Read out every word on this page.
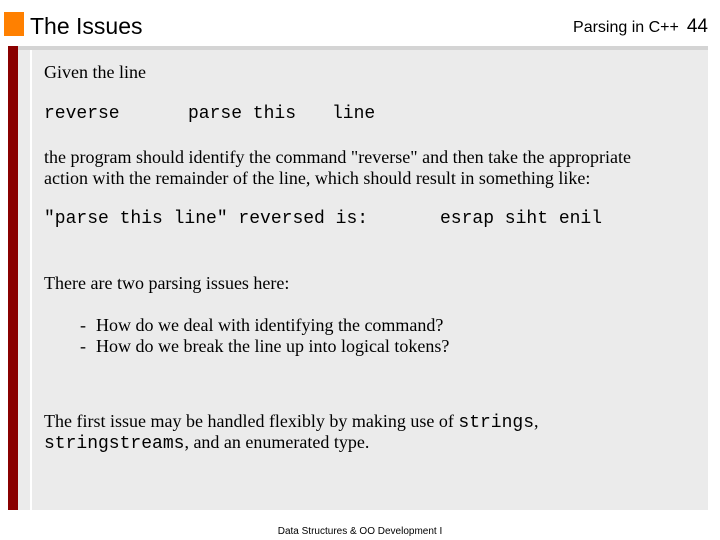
The Issues	Parsing in C++ 44
Given the line
reverse	parse this line
the program should identify the command "reverse" and then take the appropriate
action with the remainder of the line, which should result in something like:
"parse this line" reversed is:	esrap siht enil
There are two parsing issues here:
- How do we deal with identifying the command?
- How do we break the line up into logical tokens?
The first issue may be handled flexibly by making use of strings,
stringstreams, and an enumerated type.
Data Structures & OO Development I
